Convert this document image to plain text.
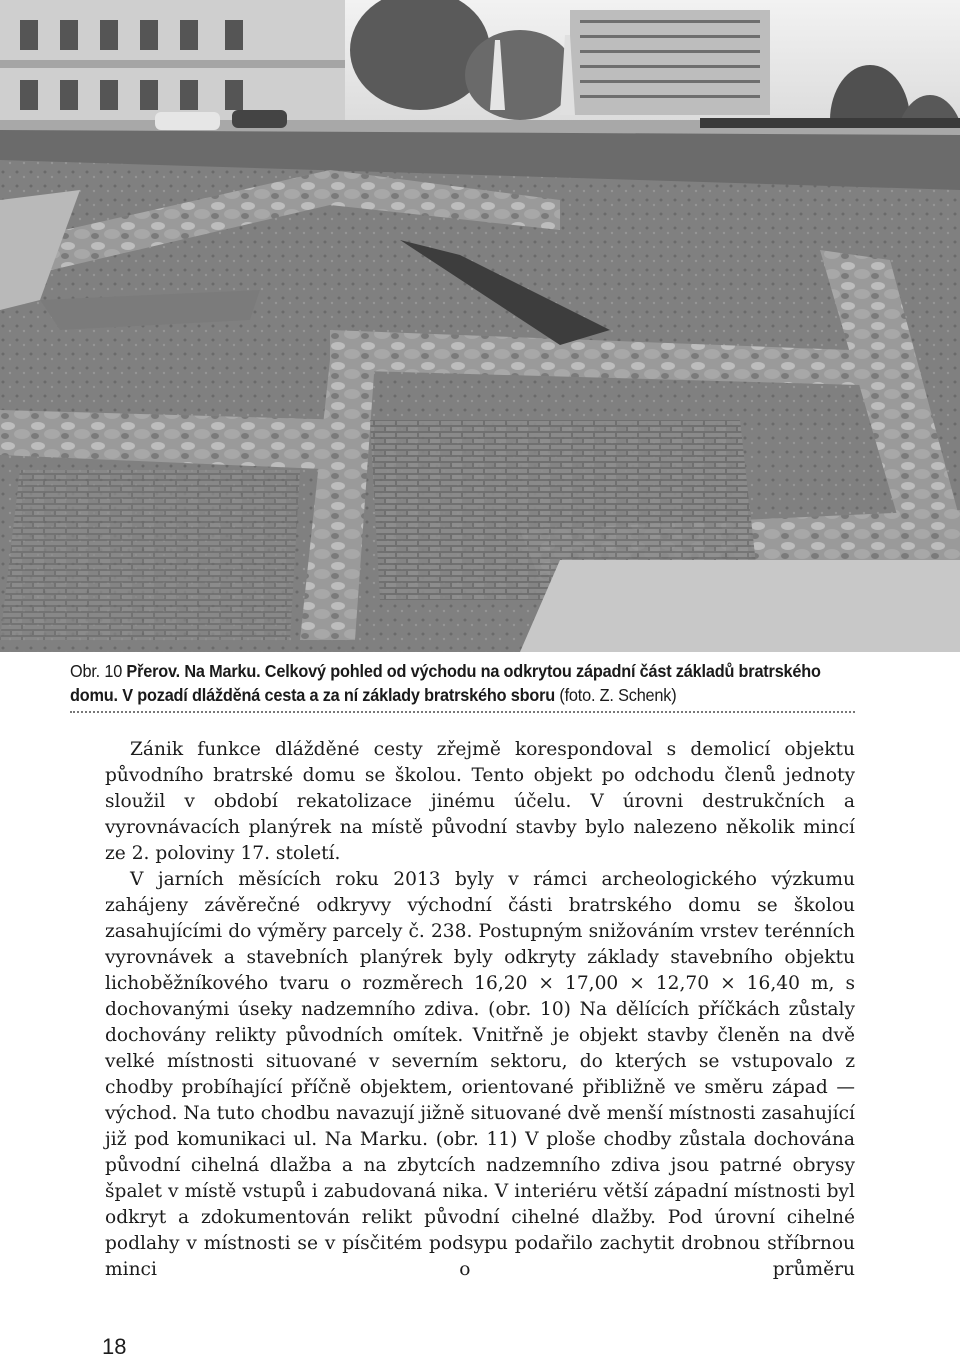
Obr. 10 Přerov. Na Marku. Celkový pohled od východu na odkrytou západní část základů bratrského
domu. V pozadí dlážděná cesta a za ní základy bratrského sboru (foto. Z. Schenk)

Zánik funkce dlážděné cesty zřejmě korespondoval s demolicí objektu původního bratrské domu se školou. Tento objekt po odchodu členů jednoty sloužil v období rekatolizace jinému účelu. V úrovni destrukčních a vyrovnávacích planýrek na místě původní stavby bylo nalezeno několik mincí ze 2. poloviny 17. století.

V jarních měsících roku 2013 byly v rámci archeologického výzkumu zahájeny závěrečné odkryvy východní části bratrského domu se školou zasahujícími do výměry parcely č. 238. Postupným snižováním vrstev terénních vyrovnávek a stavebních planýrek byly odkryty základy stavebního objektu lichoběžníkového tvaru o rozměrech 16,20 × 17,00 × 12,70 × 16,40 m, s dochovanými úseky nadzemního zdiva. (obr. 10) Na dělících příčkách zůstaly dochovány relikty původních omítek. Vnitřně je objekt stavby členěn na dvě velké místnosti situované v severním sektoru, do kterých se vstupovalo z chodby probíhající příčně objektem, orientované přibližně ve směru západ — východ. Na tuto chodbu navazují jižně situované dvě menší místnosti zasahující již pod komunikaci ul. Na Marku. (obr. 11) V ploše chodby zůstala dochována původní cihelná dlažba a na zbytcích nadzemního zdiva jsou patrné obrysy špalet v místě vstupů i zabudovaná nika. V interiéru větší západní místnosti byl odkryt a zdokumentován relikt původní cihelné dlažby. Pod úrovní cihelné podlahy v místnosti se v písčitém podsypu podařilo zachytit drobnou stříbrnou minci o průměru

18
